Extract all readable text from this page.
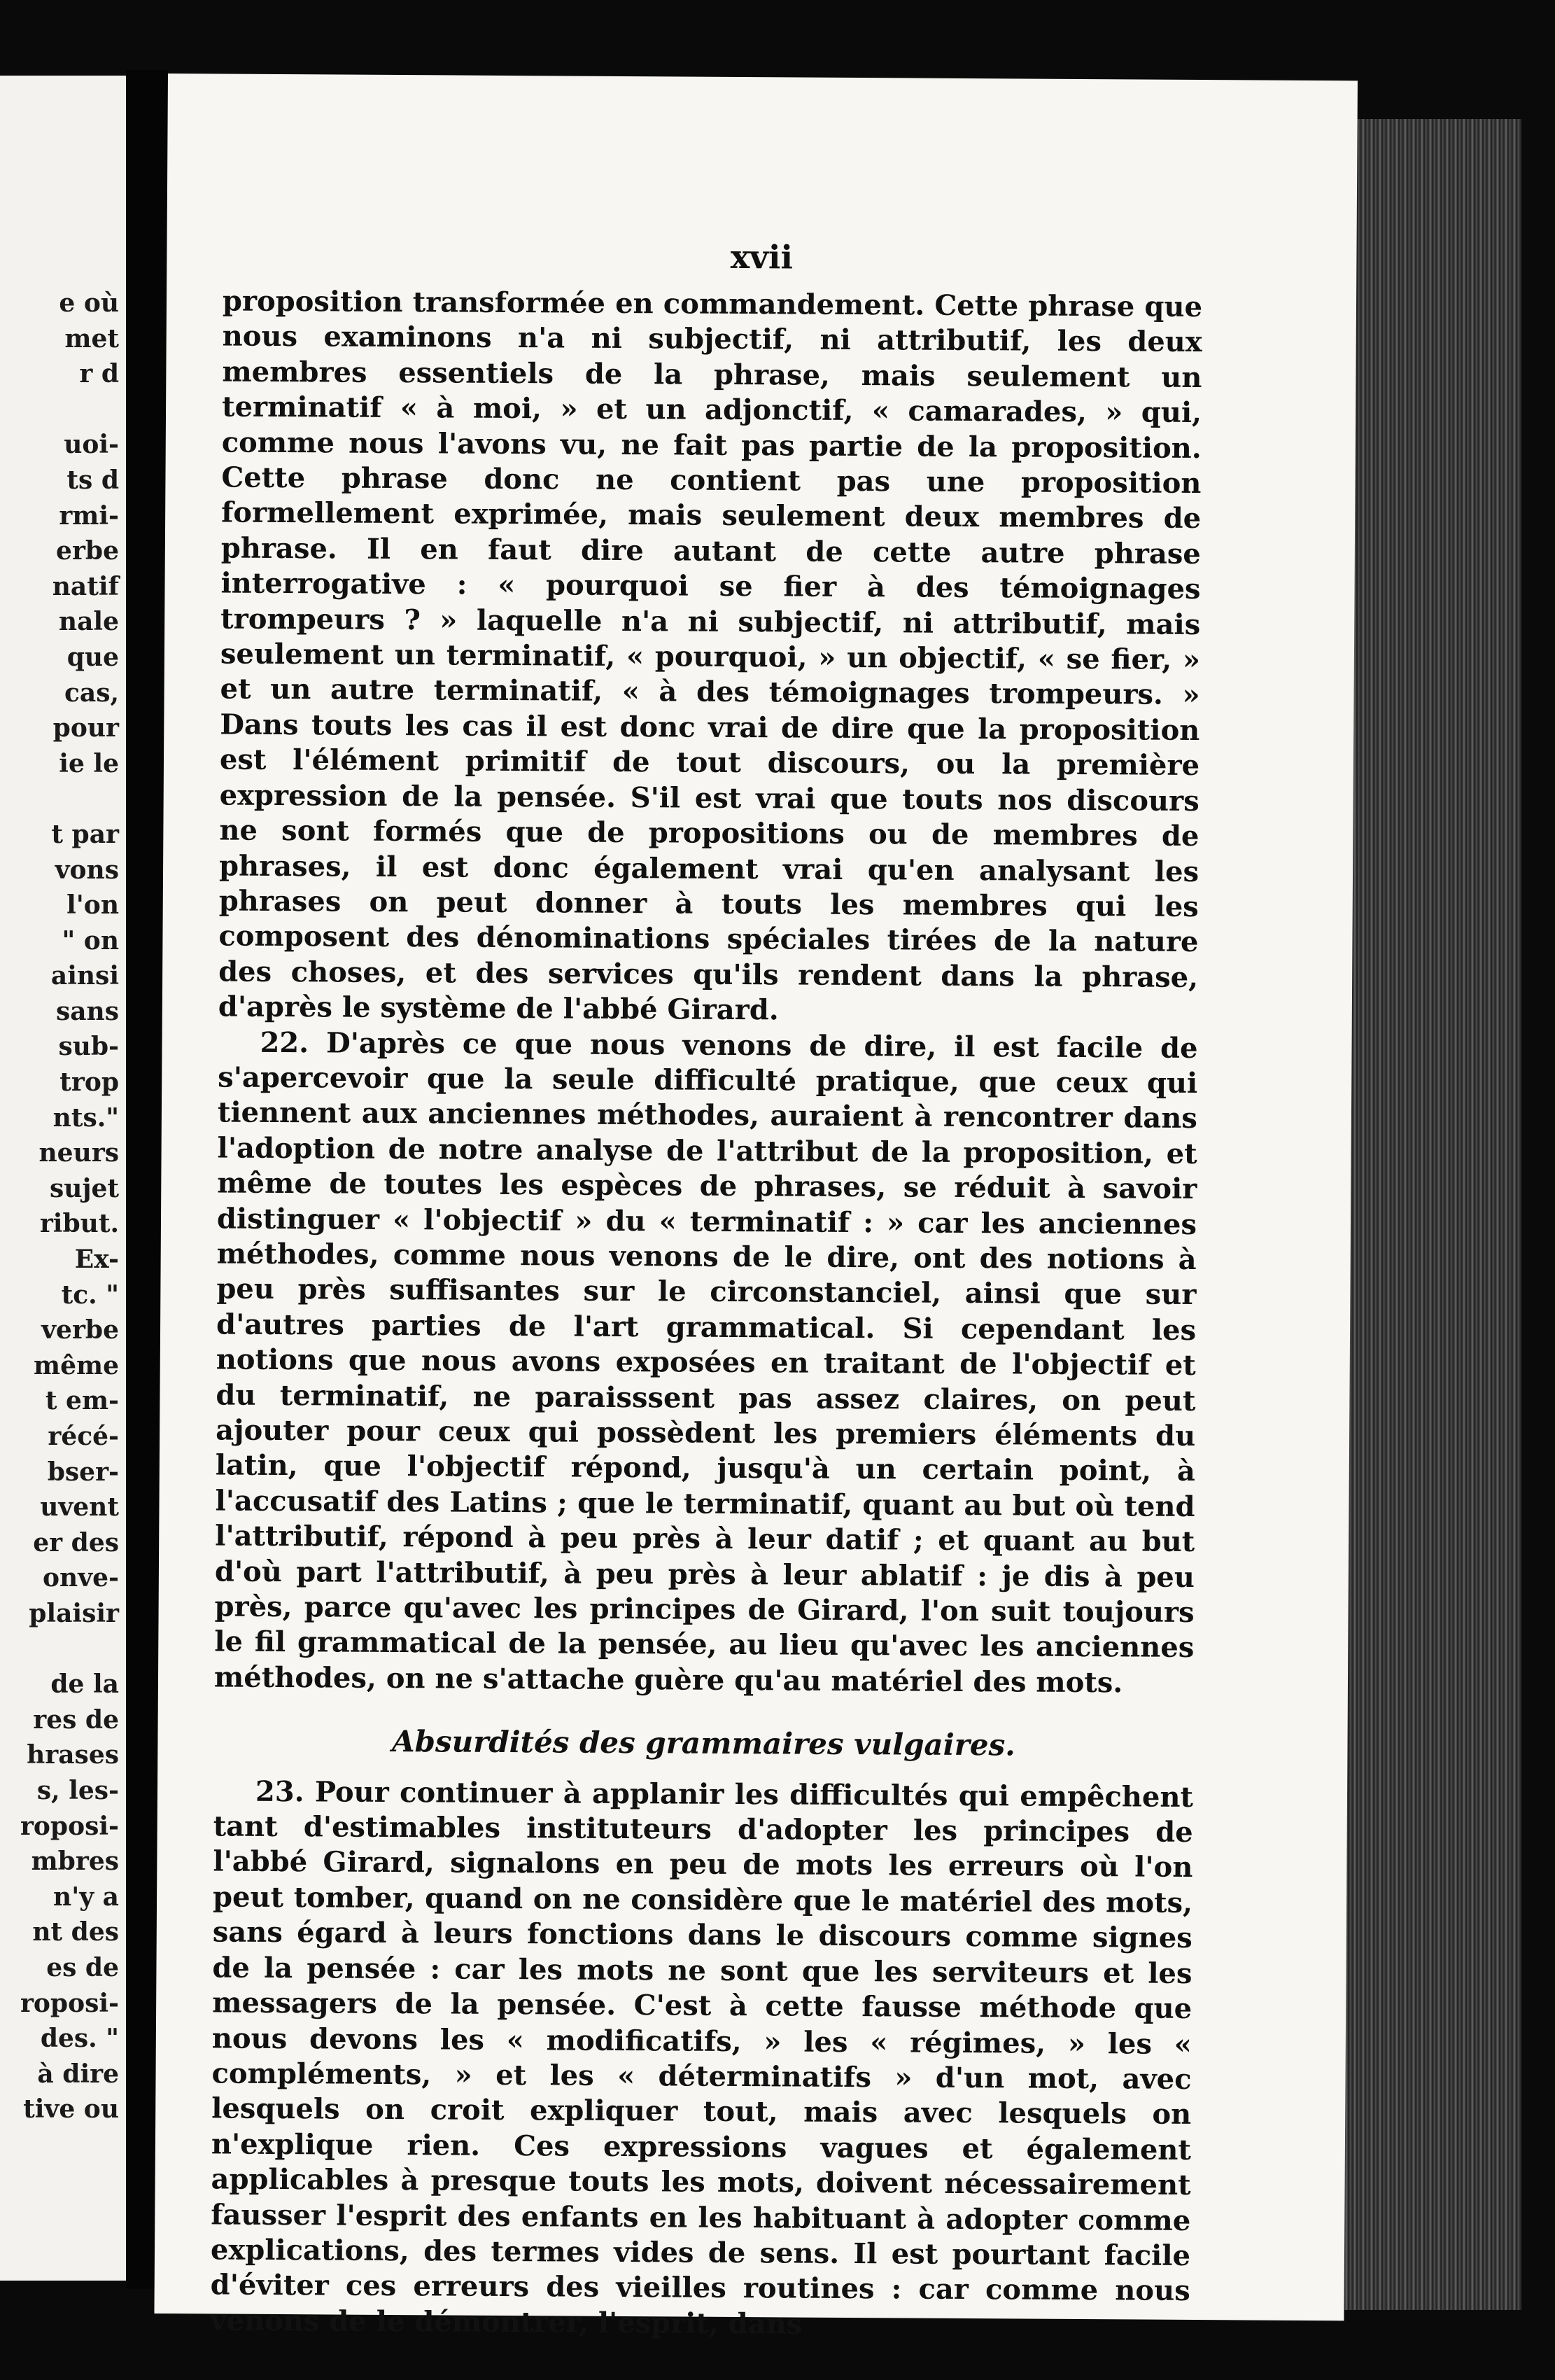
e où
met
r d

uoi-
ts d
rmi-
erbe
natif
nale
que
cas,
pour
ie le

t par
vons
l'on
" on
ainsi
sans
sub-
trop
nts."
neurs
sujet
ribut.
Ex-
tc. "
verbe
même
t em-
récé-
bser-
uvent
er des
onve-
plaisir

de la
res de
hrases
s, les-
roposi-
mbres
n'y a
nt des
es de
roposi-
des. "
à dire
tive ou
xvii

proposition transformée en commandement. Cette phrase que nous examinons n'a ni subjectif, ni attributif, les deux membres essentiels de la phrase, mais seulement un terminatif « à moi, » et un adjonctif, « camarades, » qui, comme nous l'avons vu, ne fait pas partie de la proposition. Cette phrase donc ne contient pas une proposition formellement exprimée, mais seulement deux membres de phrase. Il en faut dire autant de cette autre phrase interrogative : « pourquoi se fier à des témoignages trompeurs ? » laquelle n'a ni subjectif, ni attributif, mais seulement un terminatif, « pourquoi, » un objectif, « se fier, » et un autre terminatif, « à des témoignages trompeurs. » Dans touts les cas il est donc vrai de dire que la proposition est l'élément primitif de tout discours, ou la première expression de la pensée. S'il est vrai que touts nos discours ne sont formés que de propositions ou de membres de phrases, il est donc également vrai qu'en analysant les phrases on peut donner à touts les membres qui les composent des dénominations spéciales tirées de la nature des choses, et des services qu'ils rendent dans la phrase, d'après le système de l'abbé Girard.

22. D'après ce que nous venons de dire, il est facile de s'apercevoir que la seule difficulté pratique, que ceux qui tiennent aux anciennes méthodes, auraient à rencontrer dans l'adoption de notre analyse de l'attribut de la proposition, et même de toutes les espèces de phrases, se réduit à savoir distinguer « l'objectif » du « terminatif : » car les anciennes méthodes, comme nous venons de le dire, ont des notions à peu près suffisantes sur le circonstanciel, ainsi que sur d'autres parties de l'art grammatical. Si cependant les notions que nous avons exposées en traitant de l'objectif et du terminatif, ne paraisssent pas assez claires, on peut ajouter pour ceux qui possèdent les premiers éléments du latin, que l'objectif répond, jusqu'à un certain point, à l'accusatif des Latins ; que le terminatif, quant au but où tend l'attributif, répond à peu près à leur datif ; et quant au but d'où part l'attributif, à peu près à leur ablatif : je dis à peu près, parce qu'avec les principes de Girard, l'on suit toujours le fil grammatical de la pensée, au lieu qu'avec les anciennes méthodes, on ne s'attache guère qu'au matériel des mots.

Absurdités des grammaires vulgaires.

23. Pour continuer à applanir les difficultés qui empêchent tant d'estimables instituteurs d'adopter les principes de l'abbé Girard, signalons en peu de mots les erreurs où l'on peut tomber, quand on ne considère que le matériel des mots, sans égard à leurs fonctions dans le discours comme signes de la pensée : car les mots ne sont que les serviteurs et les messagers de la pensée. C'est à cette fausse méthode que nous devons les « modificatifs, » les « régimes, » les « compléments, » et les « déterminatifs » d'un mot, avec lesquels on croit expliquer tout, mais avec lesquels on n'explique rien. Ces expressions vagues et également applicables à presque touts les mots, doivent nécessairement fausser l'esprit des enfants en les habituant à adopter comme explications, des termes vides de sens. Il est pourtant facile d'éviter ces erreurs des vieilles routines : car comme nous venons de le démontrer, l'esprit, dans
